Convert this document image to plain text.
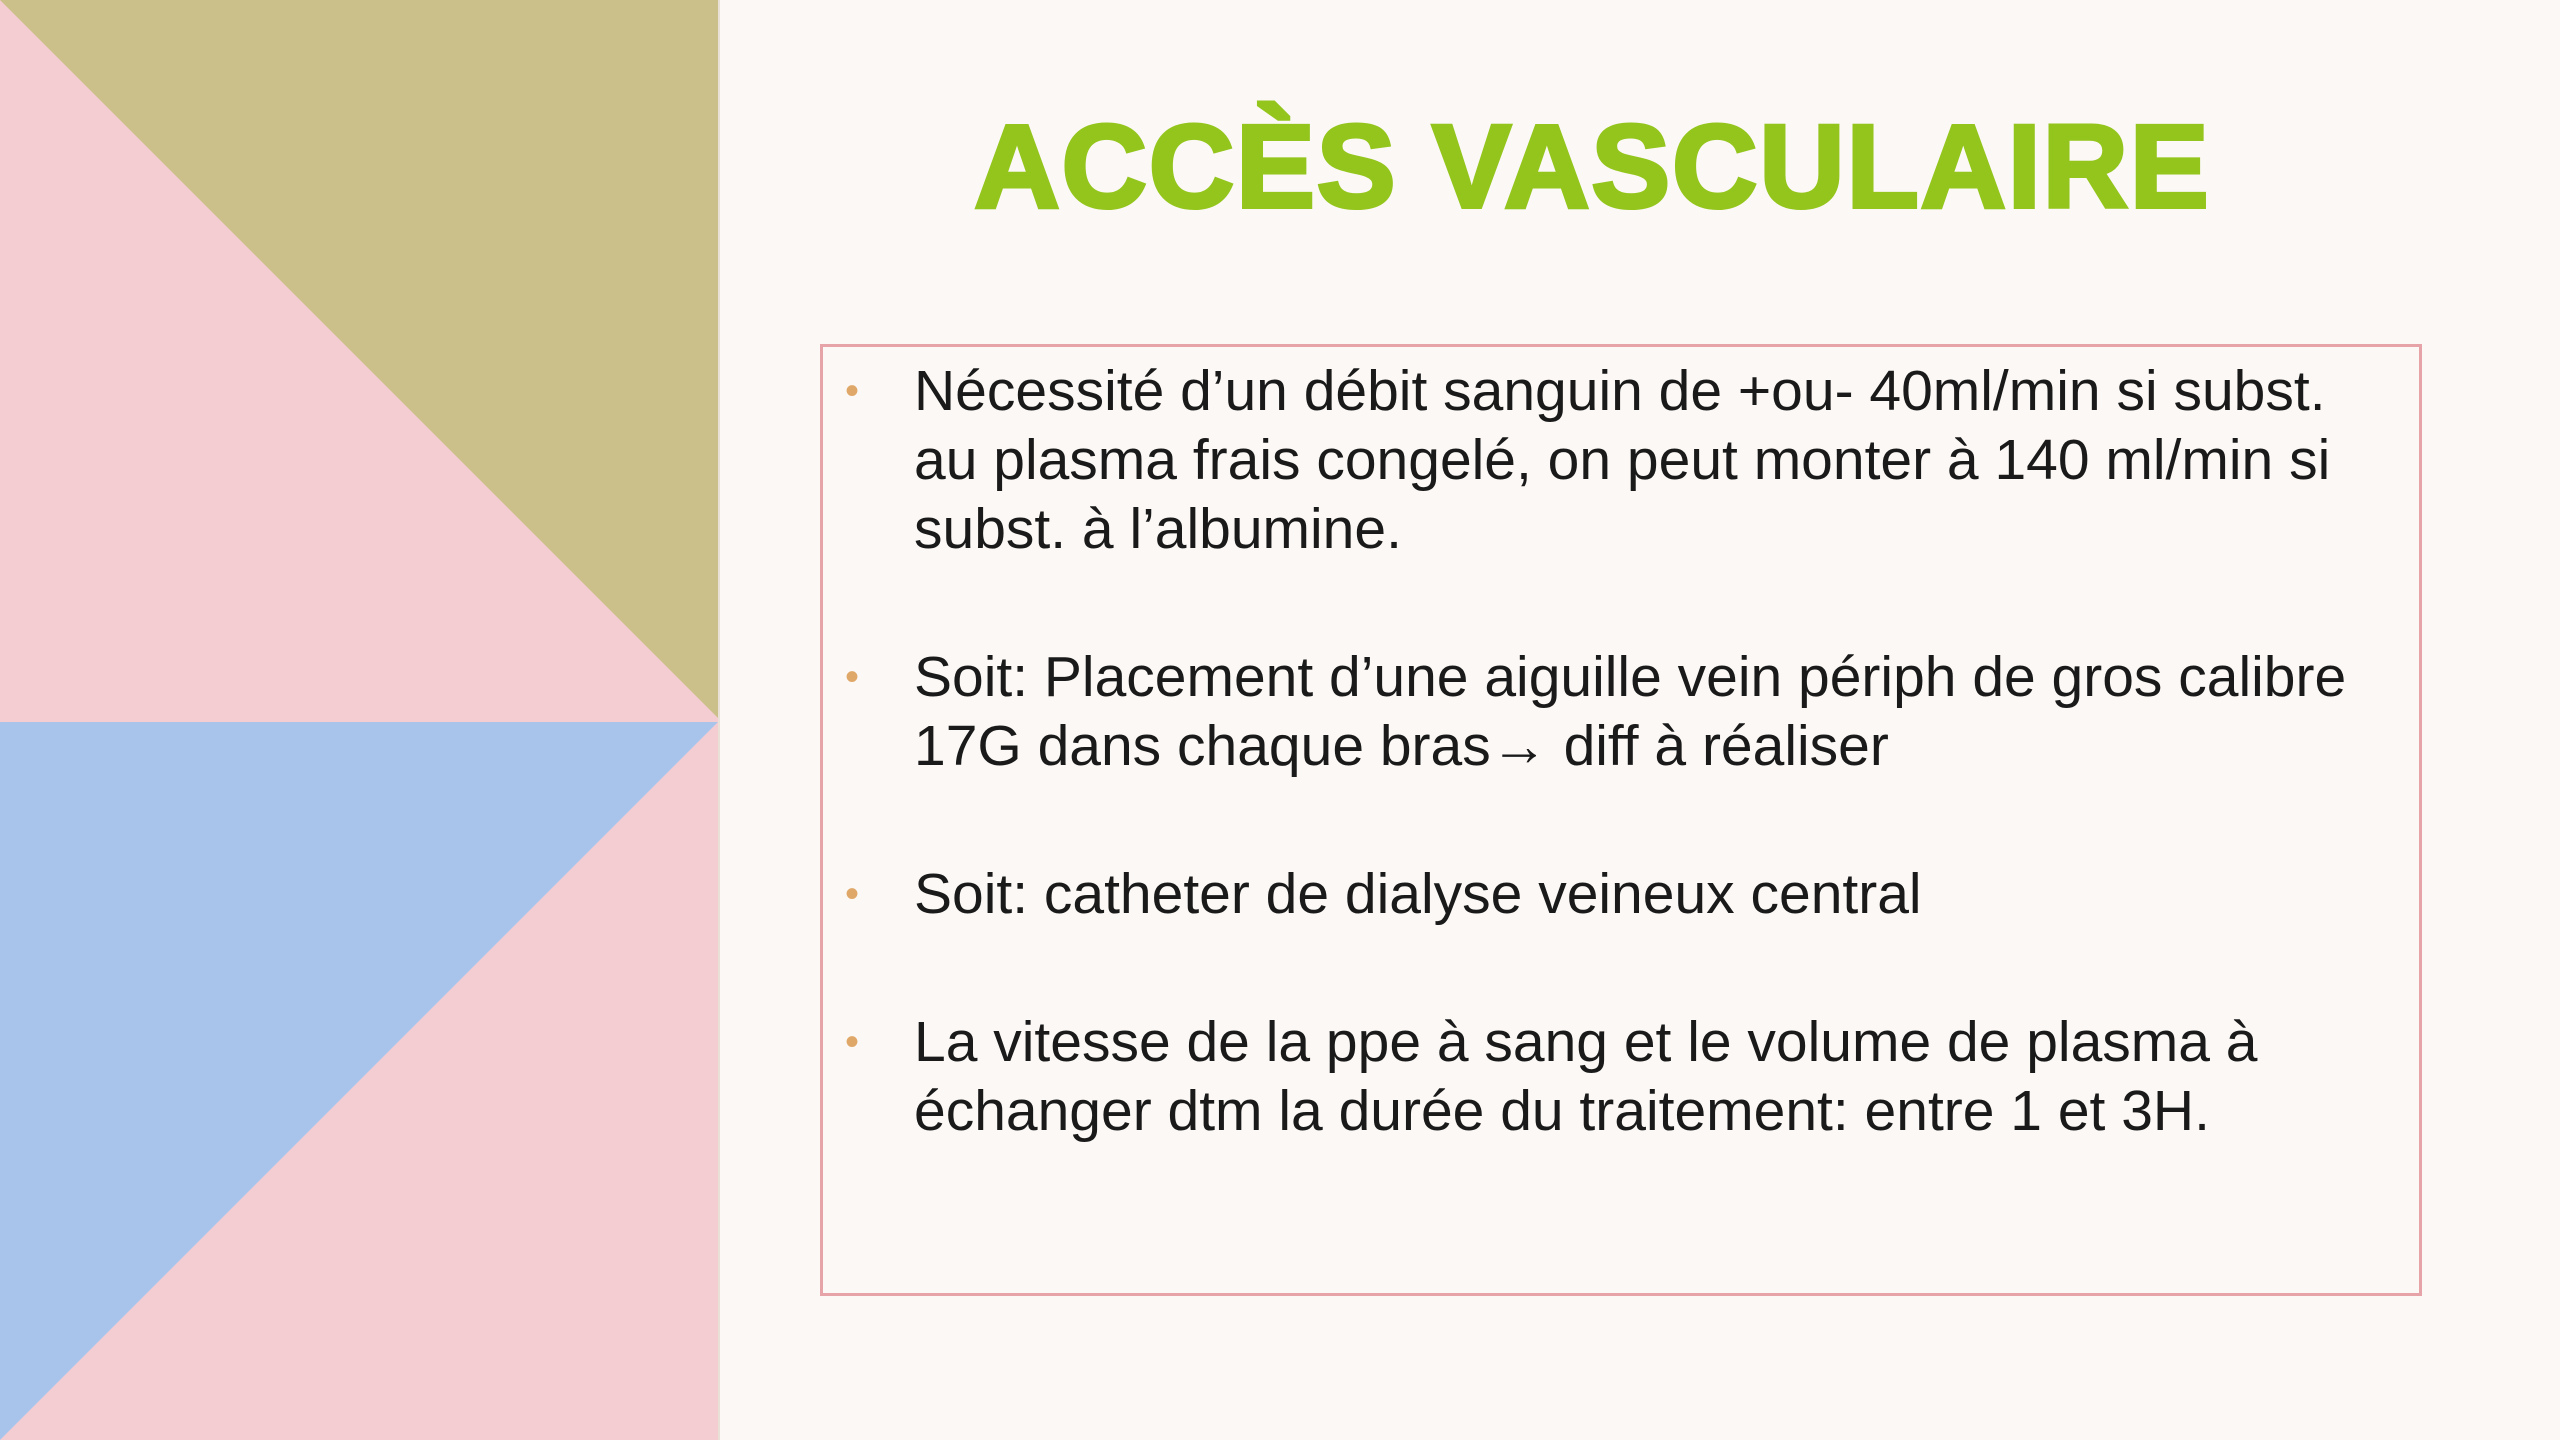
ACCÈS VASCULAIRE
• Nécessité d’un débit sanguin de +ou- 40ml/min si subst. au plasma frais congelé, on peut monter à 140 ml/min si subst. à l’albumine.
• Soit: Placement d’une aiguille vein périph de gros calibre 17G dans chaque bras→ diff à réaliser
• Soit: catheter de dialyse veineux central
• La vitesse de la ppe à sang et le volume de plasma à échanger dtm la durée du traitement: entre 1 et 3H.
